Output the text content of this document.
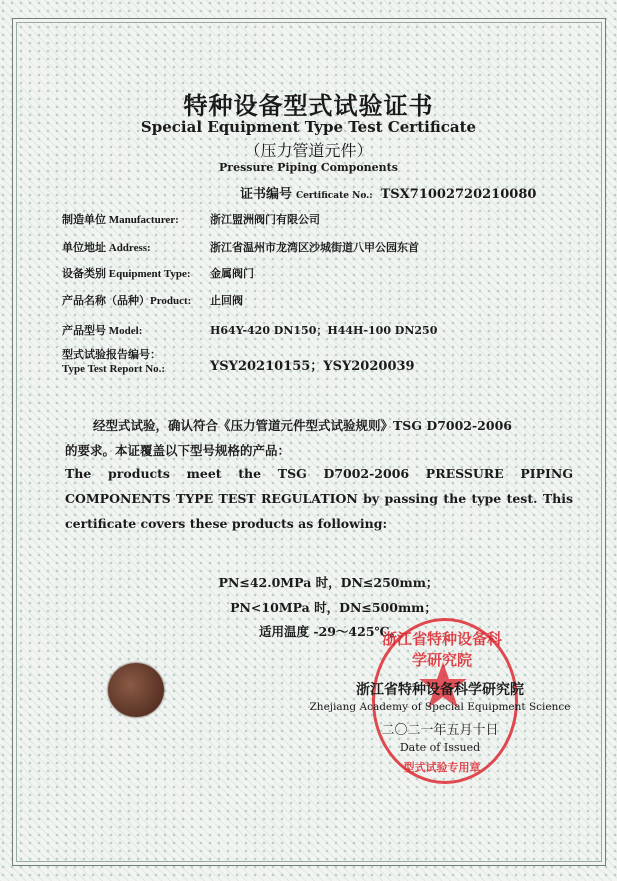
特种设备型式试验证书
Special Equipment Type Test Certificate
（压力管道元件）
Pressure Piping Components
证书编号 Certificate No.: TSX71002720210080
制造单位 Manufacturer:	浙江盟洲阀门有限公司
单位地址 Address:	浙江省温州市龙湾区沙城街道八甲公园东首
设备类别 Equipment Type: 金属阀门
产品名称（品种）Product: 止回阀
产品型号 Model:	H64Y-420 DN150；H44H-100 DN250
型式试验报告编号：
Type Test Report No.:	YSY20210155；YSY2020039
经型式试验，确认符合《压力管道元件型式试验规则》TSG D7002-2006
的要求。本证覆盖以下型号规格的产品：
The products meet the TSG D7002-2006 PRESSURE PIPING
COMPONENTS TYPE TEST REGULATION by passing the type test. This
certificate covers these products as following:
PN≤42.0MPa 时，DN≤250mm；
PN<10MPa 时，DN≤500mm；
适用温度 -29～425℃。
浙江省特种设备科学研究院
型式试验专用章
浙江省特种设备科学研究院
Zhejiang Academy of Special Equipment Science
二〇二一年五月十日
Date of Issued
